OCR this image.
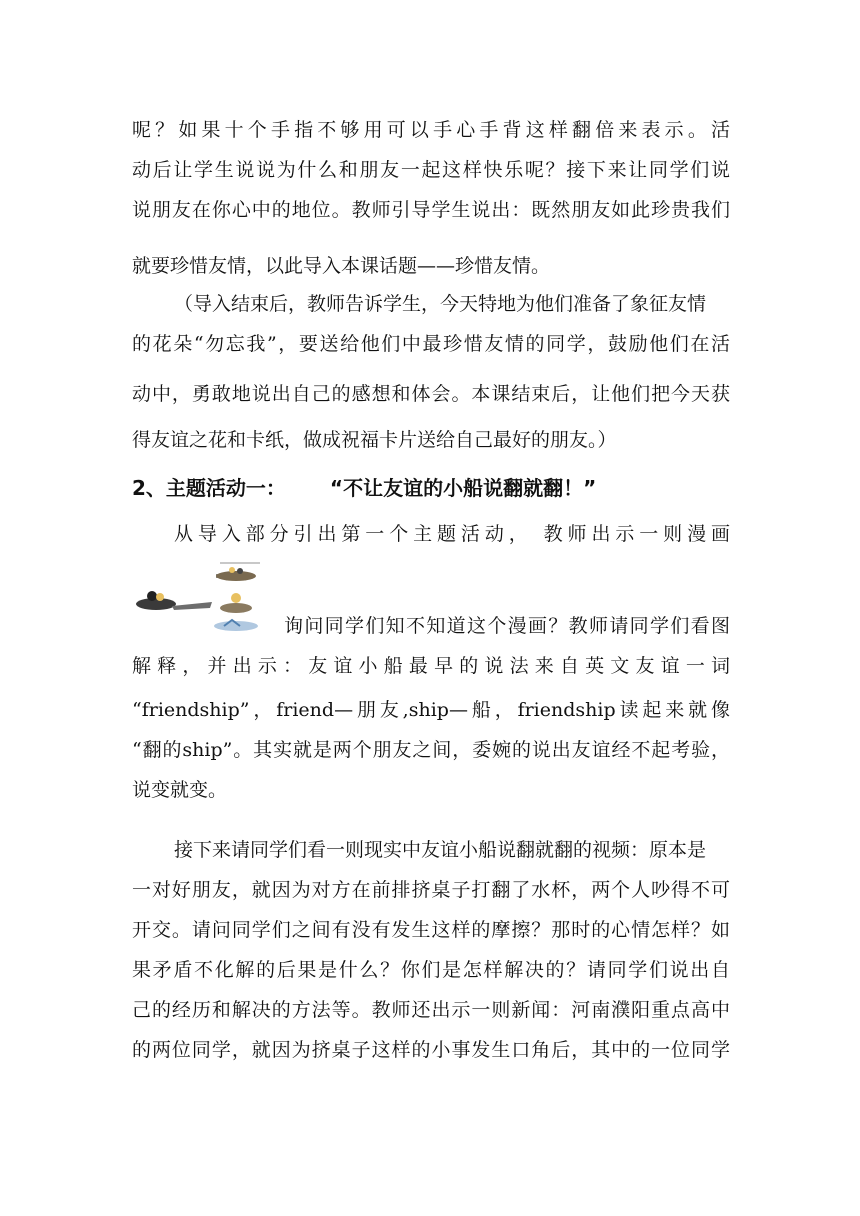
呢？如果十个手指不够用可以手心手背这样翻倍来表示。活
动后让学生说说为什么和朋友一起这样快乐呢？接下来让同学们说
说朋友在你心中的地位。教师引导学生说出：既然朋友如此珍贵我们
就要珍惜友情，以此导入本课话题——珍惜友情。
（导入结束后，教师告诉学生，今天特地为他们准备了象征友情
的花朵“勿忘我”，要送给他们中最珍惜友情的同学，鼓励他们在活
动中，勇敢地说出自己的感想和体会。本课结束后，让他们把今天获
得友谊之花和卡纸，做成祝福卡片送给自己最好的朋友。）
2、主题活动一： “不让友谊的小船说翻就翻！”
从导入部分引出第一个主题活动， 教师出示一则漫画
询问同学们知不知道这个漫画？教师请同学们看图
解释，并出示：友谊小船最早的说法来自英文友谊一词
“friendship”，friend—朋友,ship—船，friendship读起来就像
“翻的ship”。其实就是两个朋友之间，委婉的说出友谊经不起考验，
说变就变。
接下来请同学们看一则现实中友谊小船说翻就翻的视频：原本是
一对好朋友，就因为对方在前排挤桌子打翻了水杯，两个人吵得不可
开交。请问同学们之间有没有发生这样的摩擦？那时的心情怎样？如
果矛盾不化解的后果是什么？你们是怎样解决的？请同学们说出自
己的经历和解决的方法等。教师还出示一则新闻：河南濮阳重点高中
的两位同学，就因为挤桌子这样的小事发生口角后，其中的一位同学
